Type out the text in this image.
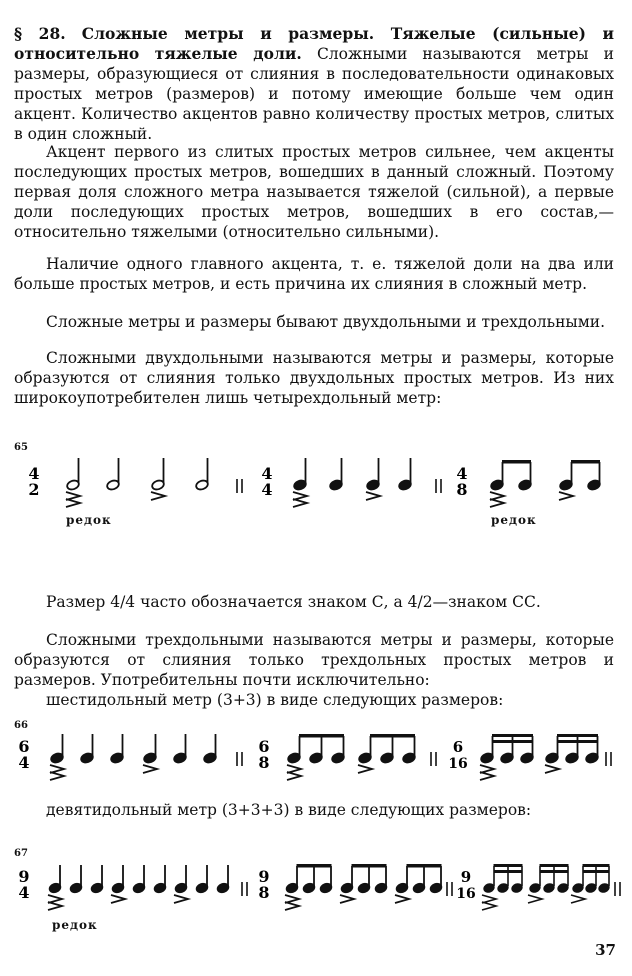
§ 28. Сложные метры и размеры. Тяжелые (сильные) и относительно тяжелые доли. Сложными называются метры и размеры, образующиеся от слияния в последовательности одинаковых простых метров (размеров) и потому имеющие больше чем один акцент. Количество акцентов равно количеству простых метров, слитых в один сложный.

Акцент первого из слитых простых метров сильнее, чем акценты последующих простых метров, вошедших в данный сложный. Поэтому первая доля сложного метра называется тяжелой (сильной), а первые доли последующих простых метров, вошедших в его состав,— относительно тяжелыми (относительно сильными).

Наличие одного главного акцента, т. е. тяжелой доли на два или больше простых метров, и есть причина их слияния в сложный метр.

Сложные метры и размеры бывают двухдольными и трехдольными.

Сложными двухдольными называются метры и размеры, которые образуются от слияния только двухдольных простых метров. Из них широкоупотребителен лишь четырехдольный метр:

65
4
2
4
4
4
8
редок	редок

Размер 4/4 часто обозначается знаком С, а 4/2—знаком СС.

Сложными трехдольными называются метры и размеры, которые образуются от слияния только трехдольных простых метров и размеров. Употребительны почти исключительно:

шестидольный метр (3+3) в виде следующих размеров:

66
6
4
6
8
6
16

девятидольный метр (3+3+3) в виде следующих размеров:

67
9
4
9
8
9
16
редок
37
